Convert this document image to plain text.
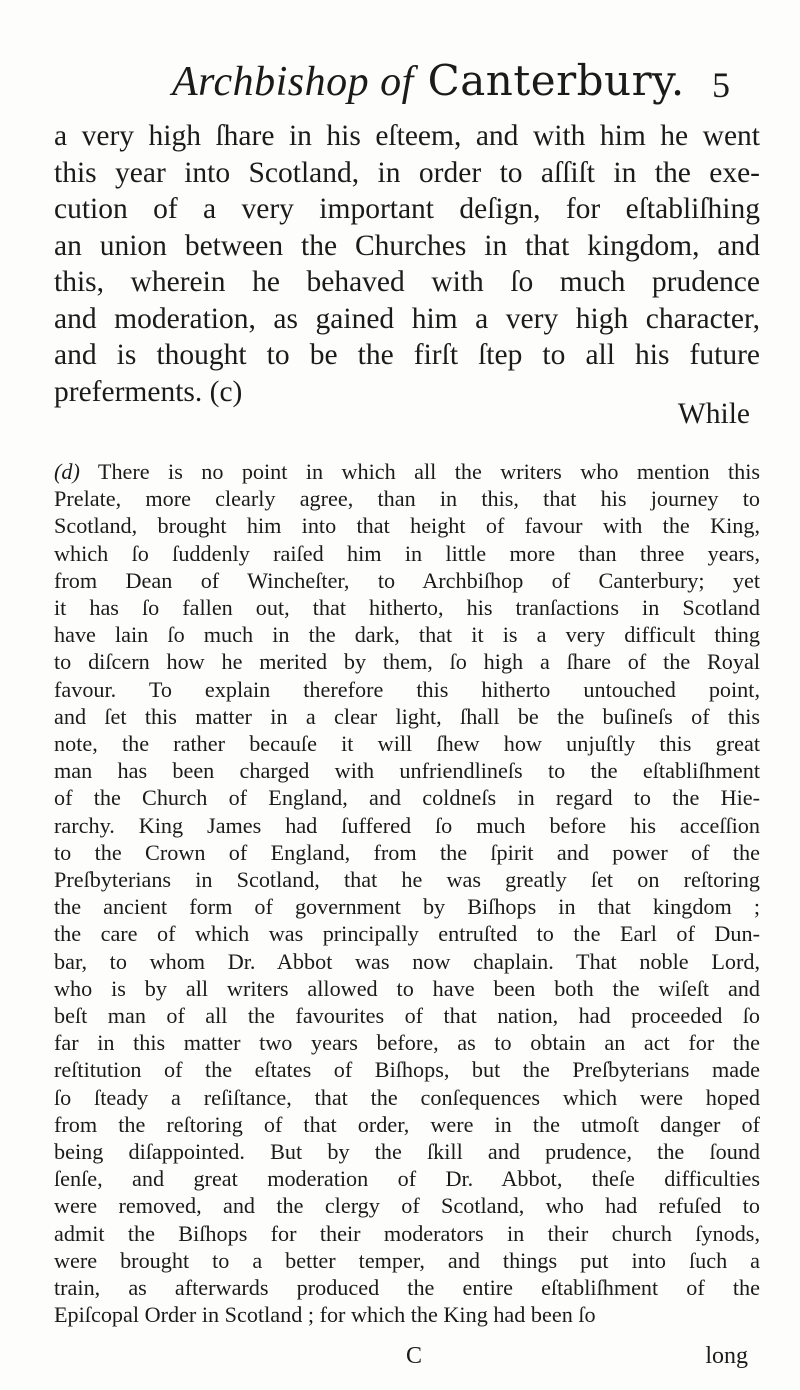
Archbishop of Canterbury. 5
a very high ſhare in his eſteem, and with him he went
this year into Scotland, in order to aſſiſt in the exe-
cution of a very important deſign, for eſtabliſhing
an union between the Churches in that kingdom, and
this, wherein he behaved with ſo much prudence
and moderation, as gained him a very high character,
and is thought to be the firſt ſtep to all his future
preferments. (c)
While
(d) There is no point in which all the writers who mention this
Prelate, more clearly agree, than in this, that his journey to
Scotland, brought him into that height of favour with the King,
which ſo ſuddenly raiſed him in little more than three years,
from Dean of Wincheſter, to Archbiſhop of Canterbury; yet
it has ſo fallen out, that hitherto, his tranſactions in Scotland
have lain ſo much in the dark, that it is a very difficult thing
to diſcern how he merited by them, ſo high a ſhare of the Royal
favour. To explain therefore this hitherto untouched point,
and ſet this matter in a clear light, ſhall be the buſineſs of this
note, the rather becauſe it will ſhew how unjuſtly this great
man has been charged with unfriendlineſs to the eſtabliſhment
of the Church of England, and coldneſs in regard to the Hie-
rarchy. King James had ſuffered ſo much before his acceſſion
to the Crown of England, from the ſpirit and power of the
Preſbyterians in Scotland, that he was greatly ſet on reſtoring
the ancient form of government by Biſhops in that kingdom ;
the care of which was principally entruſted to the Earl of Dun-
bar, to whom Dr. Abbot was now chaplain. That noble Lord,
who is by all writers allowed to have been both the wiſeſt and
beſt man of all the favourites of that nation, had proceeded ſo
far in this matter two years before, as to obtain an act for the
reſtitution of the eſtates of Biſhops, but the Preſbyterians made
ſo ſteady a reſiſtance, that the conſequences which were hoped
from the reſtoring of that order, were in the utmoſt danger of
being diſappointed. But by the ſkill and prudence, the ſound
ſenſe, and great moderation of Dr. Abbot, theſe difficulties
were removed, and the clergy of Scotland, who had refuſed to
admit the Biſhops for their moderators in their church ſynods,
were brought to a better temper, and things put into ſuch a
train, as afterwards produced the entire eſtabliſhment of the
Epiſcopal Order in Scotland ; for which the King had been ſo
C	long
